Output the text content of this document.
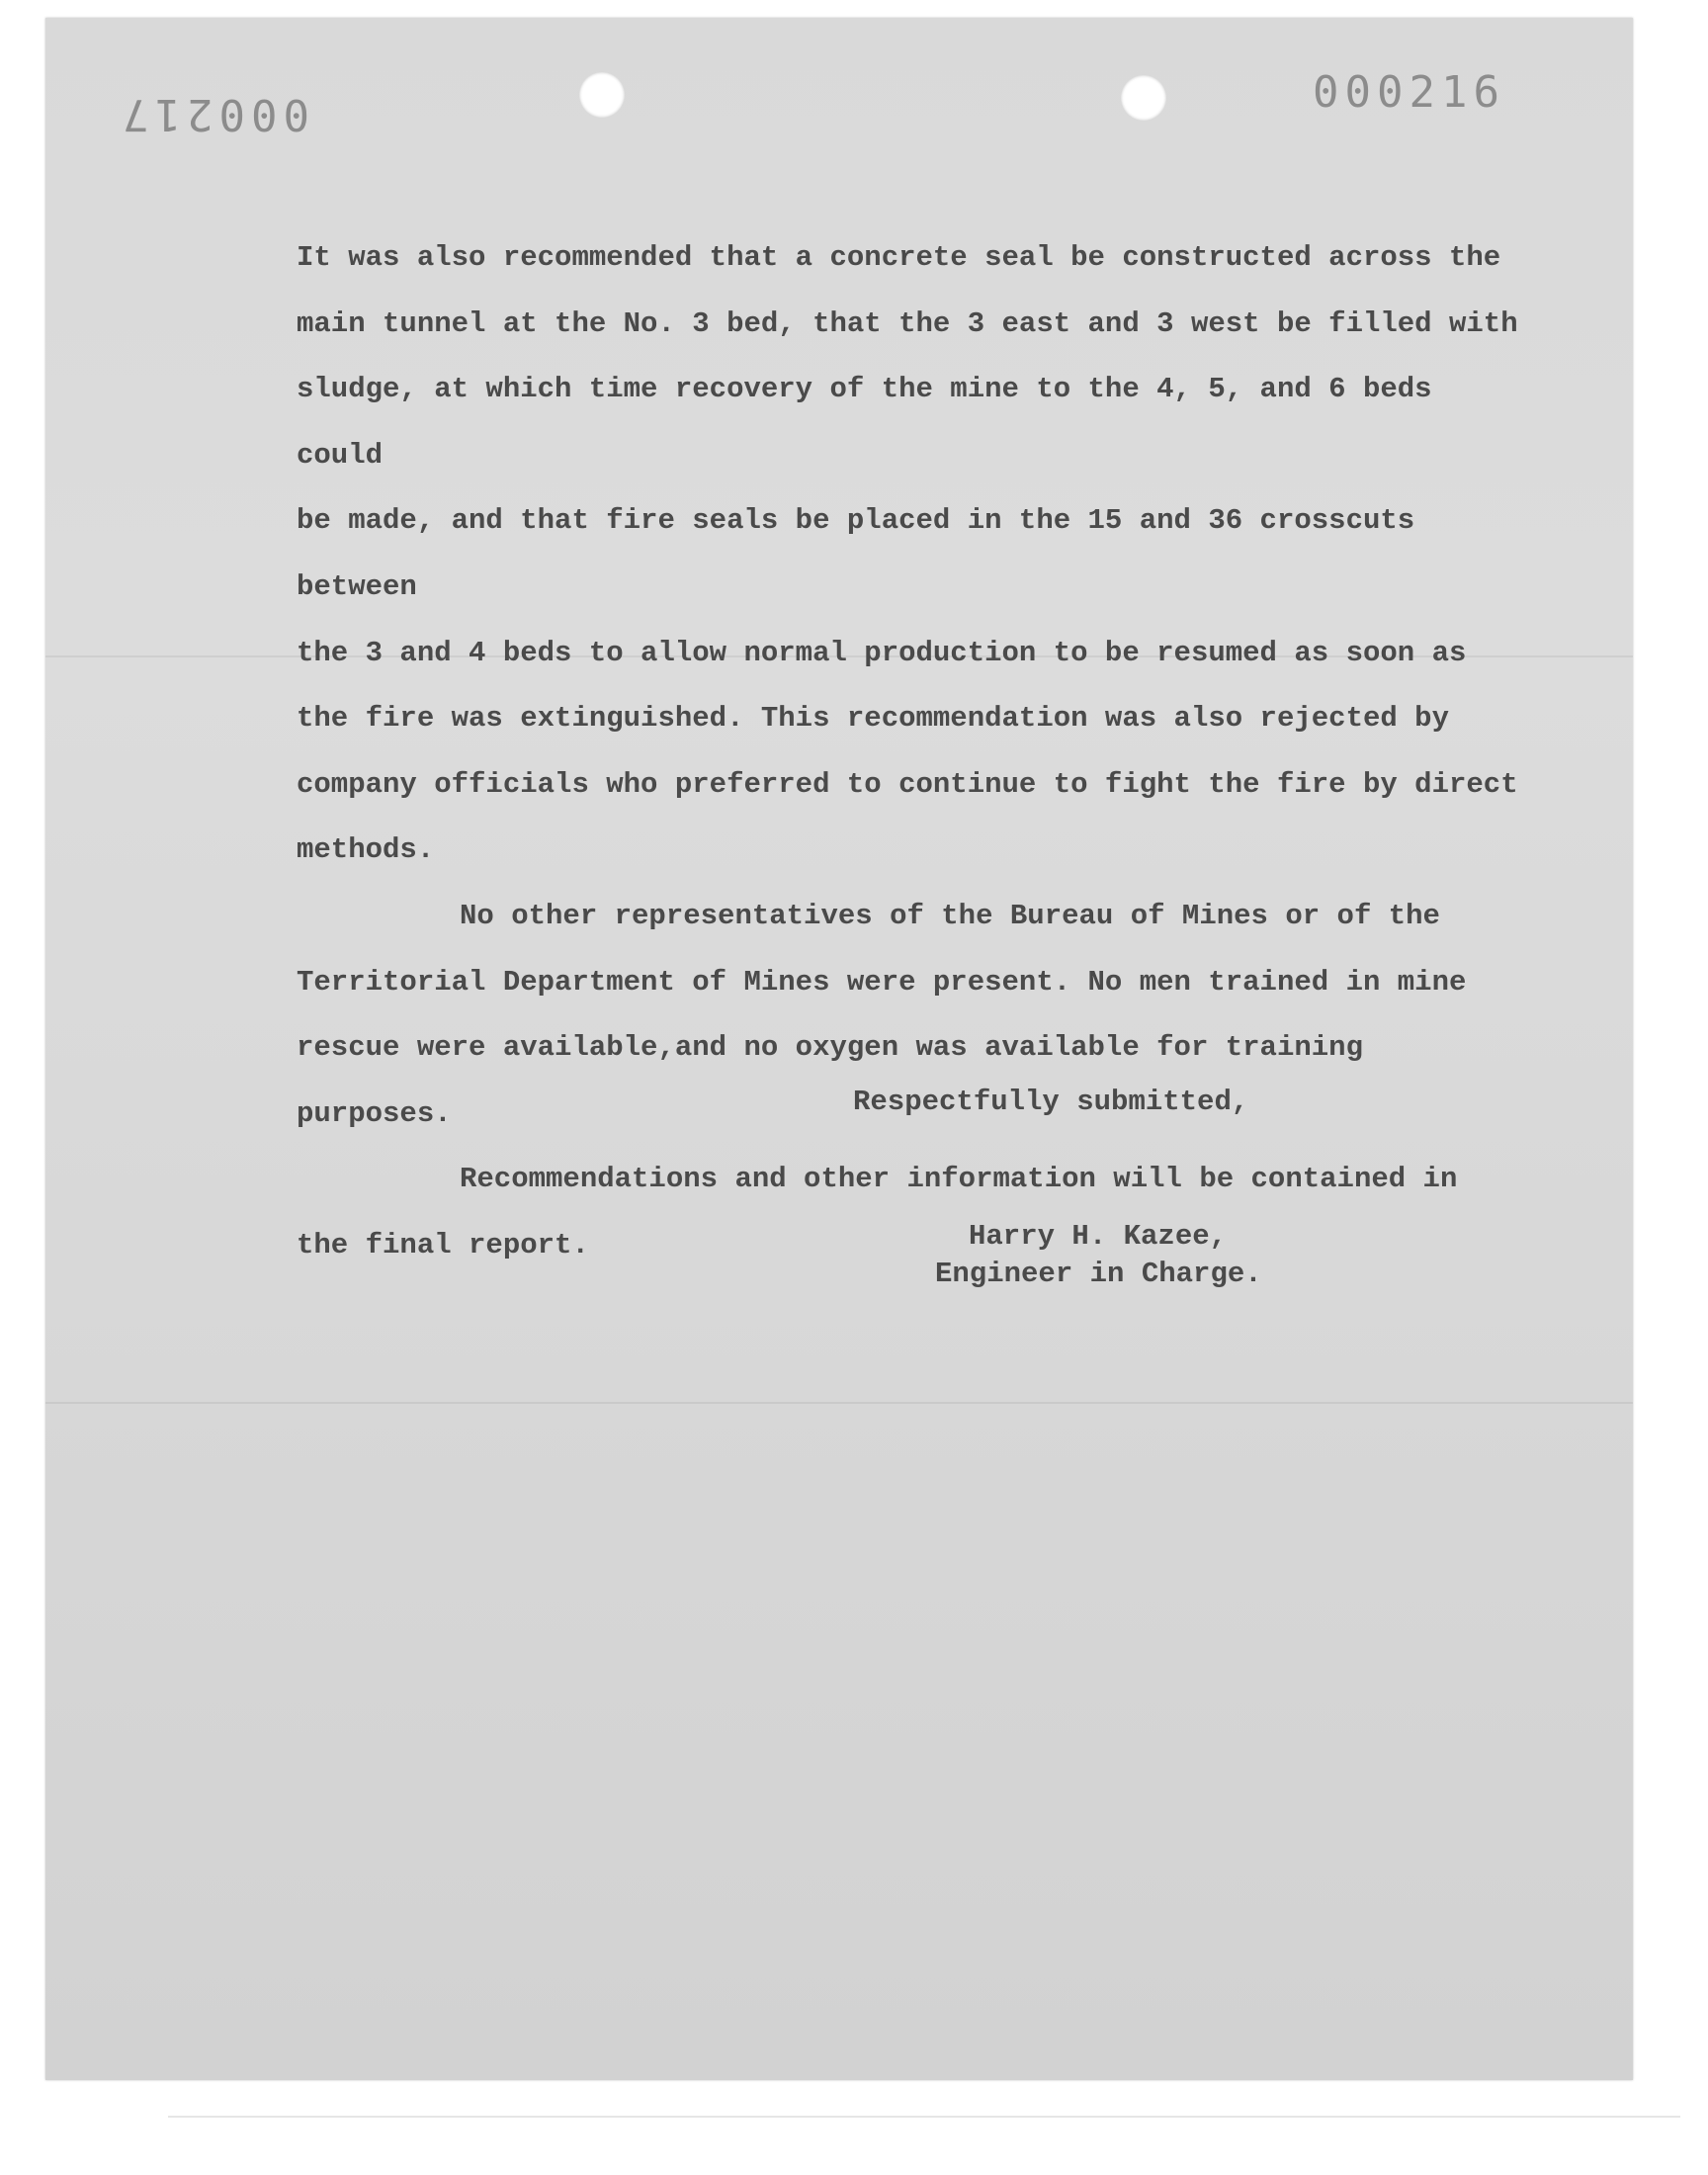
000217	000216

It was also recommended that a concrete seal be constructed across the
main tunnel at the No. 3 bed, that the 3 east and 3 west be filled with
sludge, at which time recovery of the mine to the 4, 5, and 6 beds could
be made, and that fire seals be placed in the 15 and 36 crosscuts between
the 3 and 4 beds to allow normal production to be resumed as soon as
the fire was extinguished. This recommendation was also rejected by
company officials who preferred to continue to fight the fire by direct
methods.

No other representatives of the Bureau of Mines or of the
Territorial Department of Mines were present. No men trained in mine
rescue were available,and no oxygen was available for training purposes.

Recommendations and other information will be contained in
the final report.

Respectfully submitted,
Harry H. Kazee,
Engineer in Charge.
